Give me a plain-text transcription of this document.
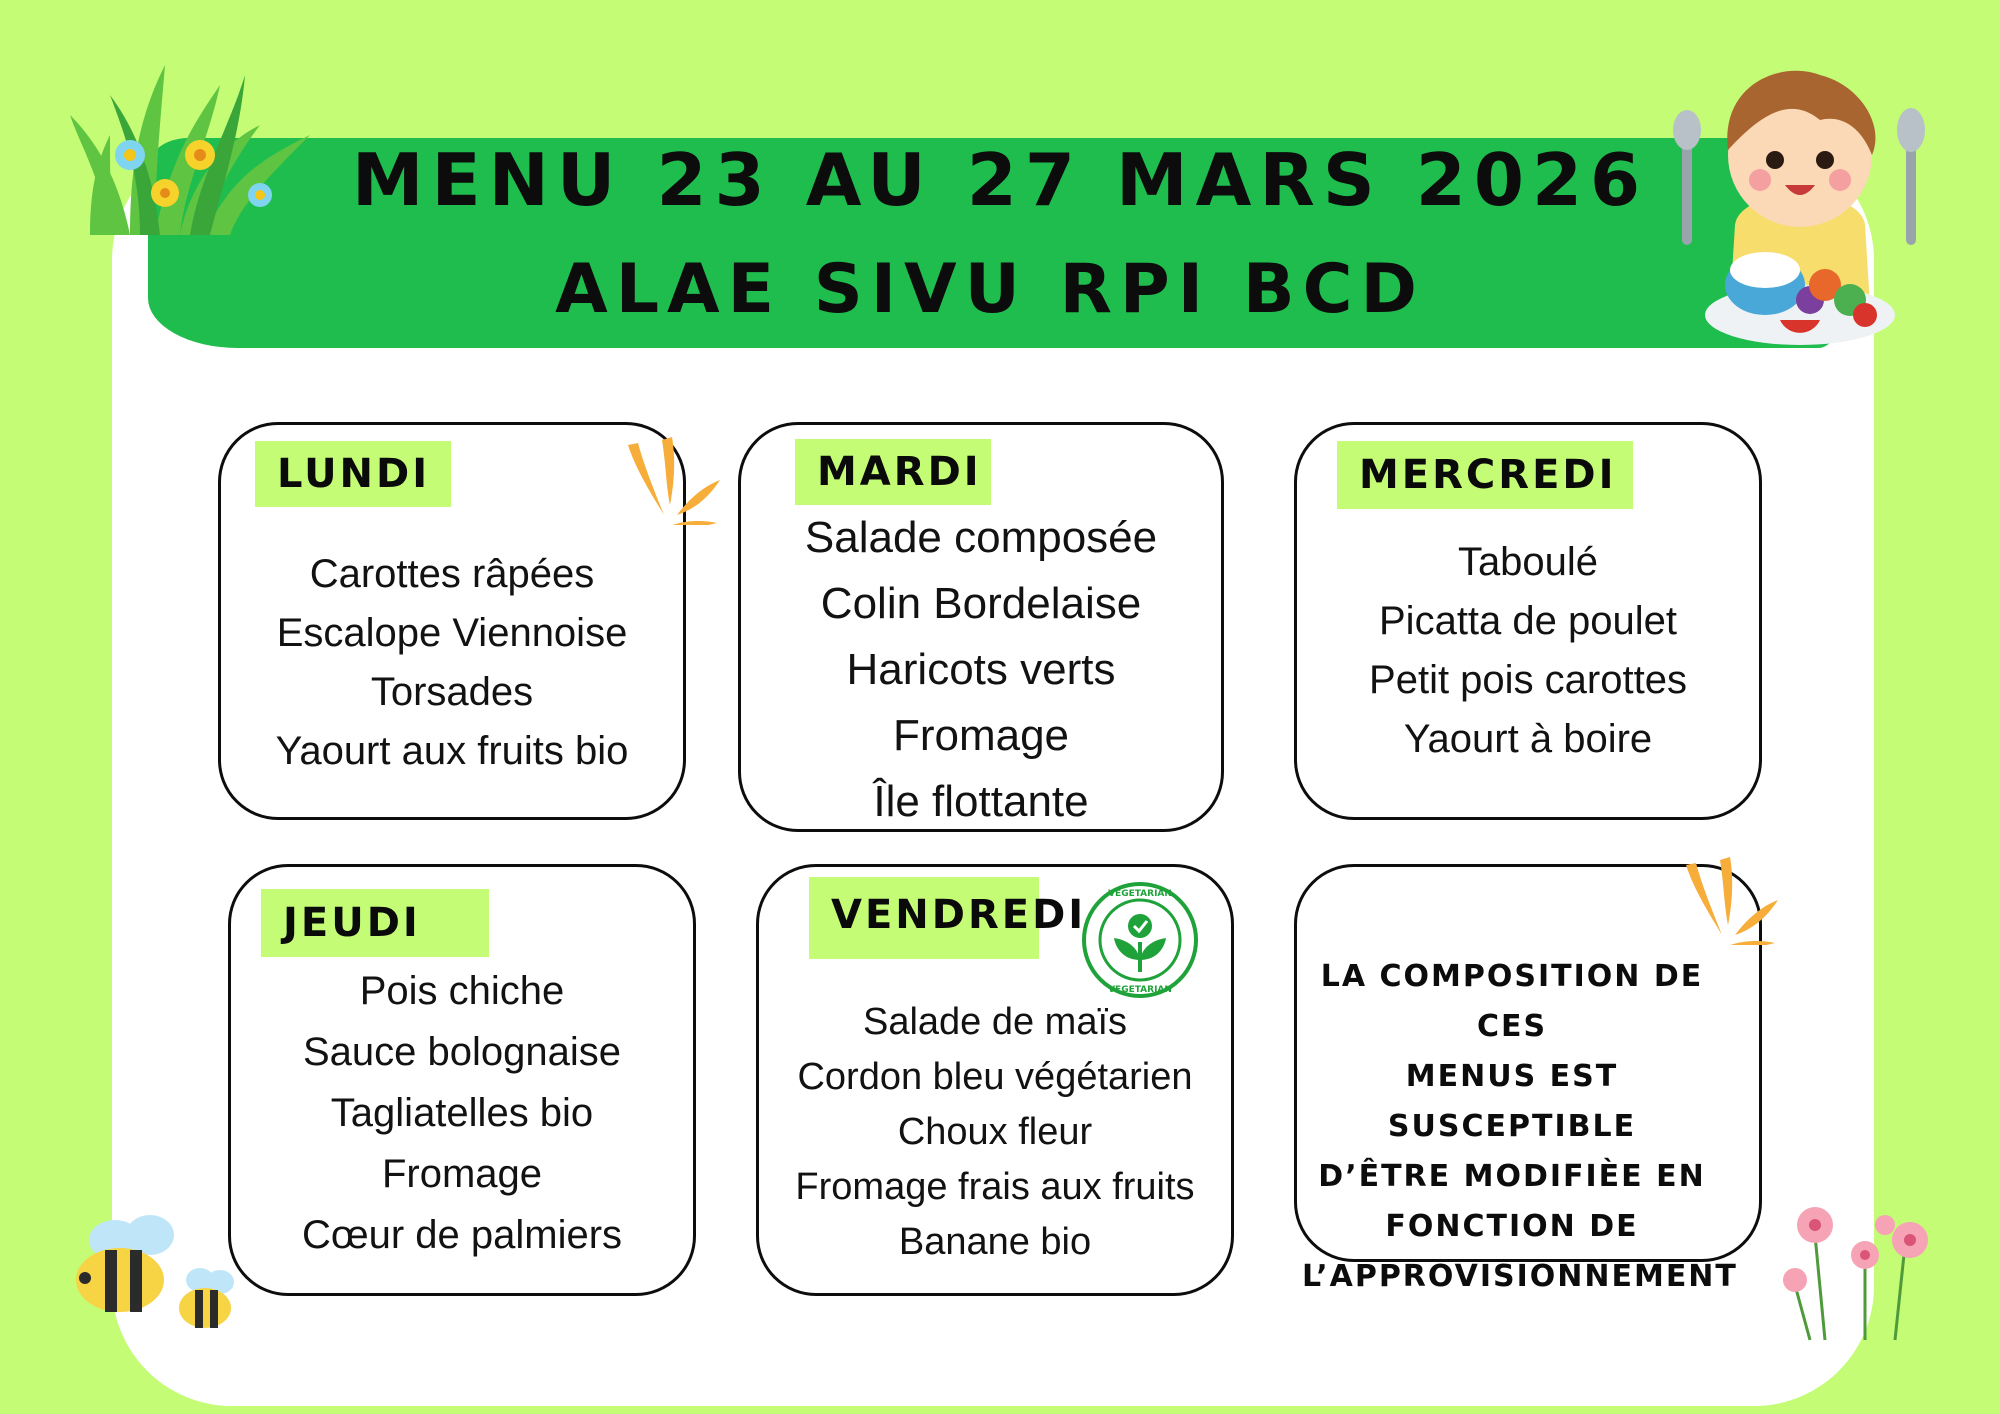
MENU 23 AU 27 MARS 2026
ALAE SIVU RPI BCD
LUNDI
Carottes râpées
Escalope Viennoise
Torsades
Yaourt aux fruits bio
MARDI
Salade composée
Colin Bordelaise
Haricots verts
Fromage
Île flottante
MERCREDI
Taboulé
Picatta de poulet
Petit pois carottes
Yaourt à boire
JEUDI
Pois chiche
Sauce bolognaise
Tagliatelles bio
Fromage
Cœur de palmiers
VENDREDI
Salade de maïs
Cordon bleu végétarien
Choux fleur
Fromage frais aux fruits
Banane bio
VEGETARIAN
VEGETARIAN	LA COMPOSITION DE CES
MENUS EST SUSCEPTIBLE
D’ÊTRE MODIFIÈE EN
FONCTION DE
L’APPROVISIONNEMENT
